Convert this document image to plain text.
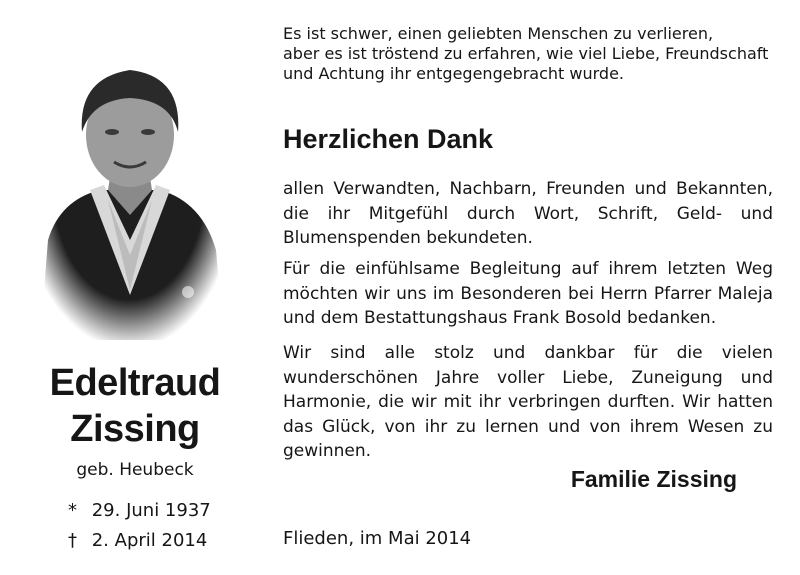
Edeltraud
Zissing
geb. Heubeck
* 29. Juni 1937
† 2. April 2014
Es ist schwer, einen geliebten Menschen zu verlieren,
aber es ist tröstend zu erfahren, wie viel Liebe, Freundschaft
und Achtung ihr entgegengebracht wurde.
Herzlichen Dank
allen Verwandten, Nachbarn, Freunden und Bekannten, die ihr Mitgefühl durch Wort, Schrift, Geld- und Blumenspenden bekundeten.
Für die einfühlsame Begleitung auf ihrem letzten Weg möchten wir uns im Besonderen bei Herrn Pfarrer Maleja und dem Bestattungshaus Frank Bosold bedanken.
Wir sind alle stolz und dankbar für die vielen wunderschönen Jahre voller Liebe, Zuneigung und Harmonie, die wir mit ihr verbringen durften. Wir hatten das Glück, von ihr zu lernen und von ihrem Wesen zu gewinnen.
Familie Zissing
Flieden, im Mai 2014
